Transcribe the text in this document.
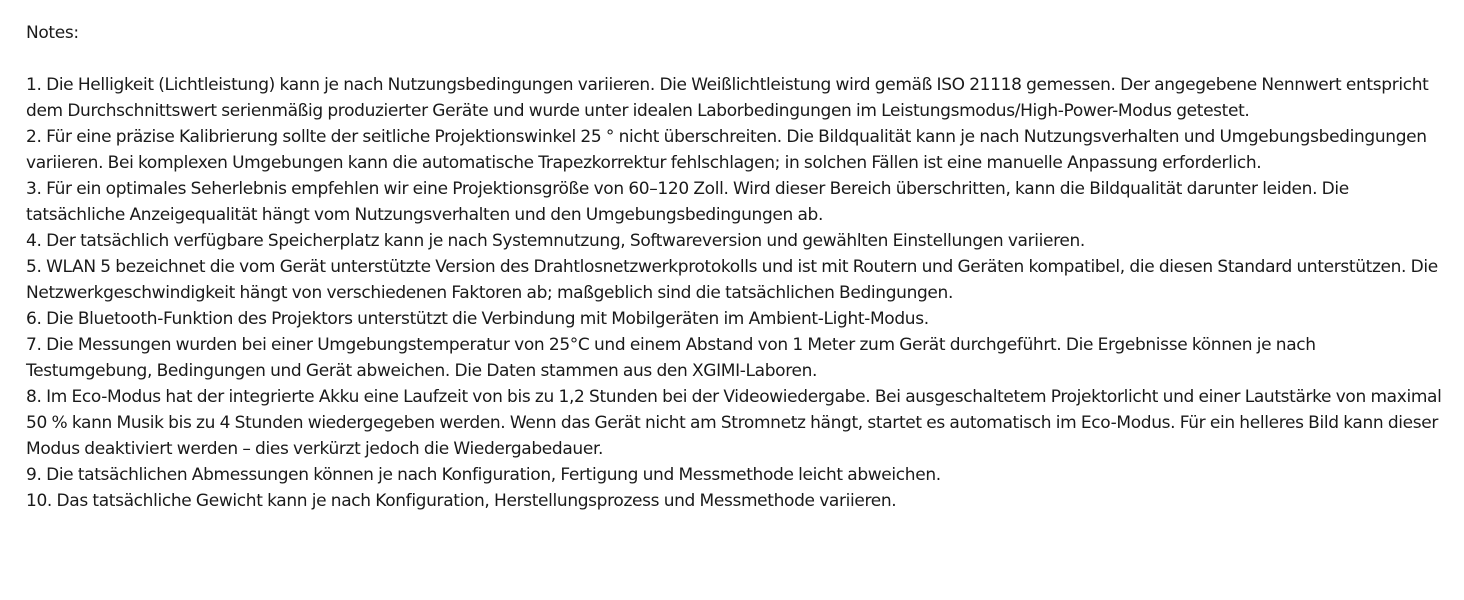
Notes:

1. Die Helligkeit (Lichtleistung) kann je nach Nutzungsbedingungen variieren. Die Weißlichtleistung wird gemäß ISO 21118 gemessen. Der angegebene Nennwert entspricht dem Durchschnittswert serienmäßig produzierter Geräte und wurde unter idealen Laborbedingungen im Leistungsmodus/High-Power-Modus getestet.

2. Für eine präzise Kalibrierung sollte der seitliche Projektionswinkel 25 ° nicht überschreiten. Die Bildqualität kann je nach Nutzungsverhalten und Umgebungsbedingungen variieren. Bei komplexen Umgebungen kann die automatische Trapezkorrektur fehlschlagen; in solchen Fällen ist eine manuelle Anpassung erforderlich.

3. Für ein optimales Seherlebnis empfehlen wir eine Projektionsgröße von 60–120 Zoll. Wird dieser Bereich überschritten, kann die Bildqualität darunter leiden. Die tatsächliche Anzeigequalität hängt vom Nutzungsverhalten und den Umgebungsbedingungen ab.

4. Der tatsächlich verfügbare Speicherplatz kann je nach Systemnutzung, Softwareversion und gewählten Einstellungen variieren.

5. WLAN 5 bezeichnet die vom Gerät unterstützte Version des Drahtlosnetzwerkprotokolls und ist mit Routern und Geräten kompatibel, die diesen Standard unterstützen. Die Netzwerkgeschwindigkeit hängt von verschiedenen Faktoren ab; maßgeblich sind die tatsächlichen Bedingungen.

6. Die Bluetooth-Funktion des Projektors unterstützt die Verbindung mit Mobilgeräten im Ambient-Light-Modus.

7. Die Messungen wurden bei einer Umgebungstemperatur von 25°C und einem Abstand von 1 Meter zum Gerät durchgeführt. Die Ergebnisse können je nach Testumgebung, Bedingungen und Gerät abweichen. Die Daten stammen aus den XGIMI-Laboren.

8. Im Eco-Modus hat der integrierte Akku eine Laufzeit von bis zu 1,2 Stunden bei der Videowiedergabe. Bei ausgeschaltetem Projektorlicht und einer Lautstärke von maximal 50 % kann Musik bis zu 4 Stunden wiedergegeben werden. Wenn das Gerät nicht am Stromnetz hängt, startet es automatisch im Eco-Modus. Für ein helleres Bild kann dieser Modus deaktiviert werden – dies verkürzt jedoch die Wiedergabedauer.

9. Die tatsächlichen Abmessungen können je nach Konfiguration, Fertigung und Messmethode leicht abweichen.

10. Das tatsächliche Gewicht kann je nach Konfiguration, Herstellungsprozess und Messmethode variieren.
